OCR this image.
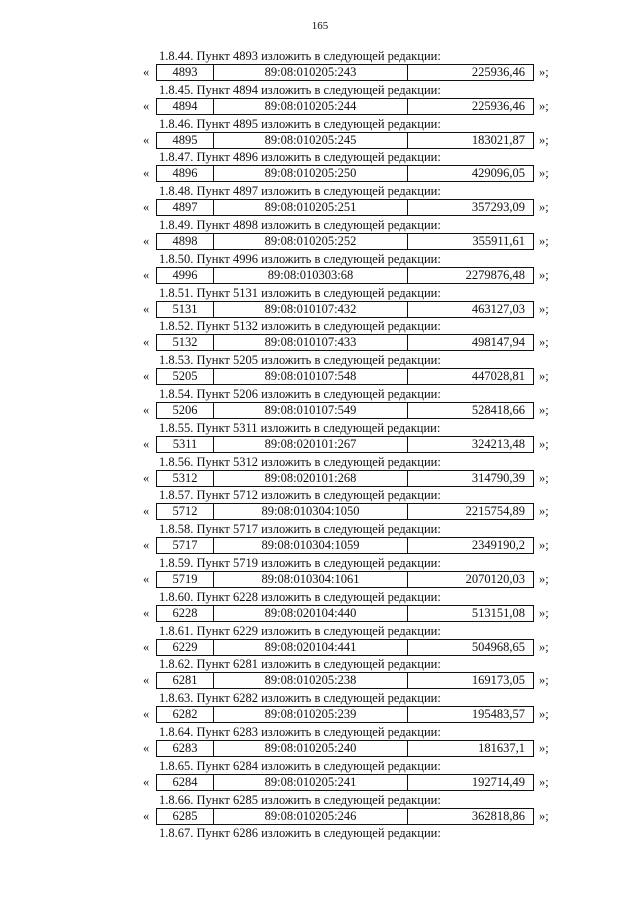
165
1.8.44. Пункт 4893 изложить в следующей редакции:
«	4893	89:08:010205:243	225936,46	»;
1.8.45. Пункт 4894 изложить в следующей редакции:
«	4894	89:08:010205:244	225936,46	»;
1.8.46. Пункт 4895 изложить в следующей редакции:
«	4895	89:08:010205:245	183021,87	»;
1.8.47. Пункт 4896 изложить в следующей редакции:
«	4896	89:08:010205:250	429096,05	»;
1.8.48. Пункт 4897 изложить в следующей редакции:
«	4897	89:08:010205:251	357293,09	»;
1.8.49. Пункт 4898 изложить в следующей редакции:
«	4898	89:08:010205:252	355911,61	»;
1.8.50. Пункт 4996 изложить в следующей редакции:
«	4996	89:08:010303:68	2279876,48	»;
1.8.51. Пункт 5131 изложить в следующей редакции:
«	5131	89:08:010107:432	463127,03	»;
1.8.52. Пункт 5132 изложить в следующей редакции:
«	5132	89:08:010107:433	498147,94	»;
1.8.53. Пункт 5205 изложить в следующей редакции:
«	5205	89:08:010107:548	447028,81	»;
1.8.54. Пункт 5206 изложить в следующей редакции:
«	5206	89:08:010107:549	528418,66	»;
1.8.55. Пункт 5311 изложить в следующей редакции:
«	5311	89:08:020101:267	324213,48	»;
1.8.56. Пункт 5312 изложить в следующей редакции:
«	5312	89:08:020101:268	314790,39	»;
1.8.57. Пункт 5712 изложить в следующей редакции:
«	5712	89:08:010304:1050	2215754,89	»;
1.8.58. Пункт 5717 изложить в следующей редакции:
«	5717	89:08:010304:1059	2349190,2	»;
1.8.59. Пункт 5719 изложить в следующей редакции:
«	5719	89:08:010304:1061	2070120,03	»;
1.8.60. Пункт 6228 изложить в следующей редакции:
«	6228	89:08:020104:440	513151,08	»;
1.8.61. Пункт 6229 изложить в следующей редакции:
«	6229	89:08:020104:441	504968,65	»;
1.8.62. Пункт 6281 изложить в следующей редакции:
«	6281	89:08:010205:238	169173,05	»;
1.8.63. Пункт 6282 изложить в следующей редакции:
«	6282	89:08:010205:239	195483,57	»;
1.8.64. Пункт 6283 изложить в следующей редакции:
«	6283	89:08:010205:240	181637,1	»;
1.8.65. Пункт 6284 изложить в следующей редакции:
«	6284	89:08:010205:241	192714,49	»;
1.8.66. Пункт 6285 изложить в следующей редакции:
«	6285	89:08:010205:246	362818,86	»;
1.8.67. Пункт 6286 изложить в следующей редакции:
